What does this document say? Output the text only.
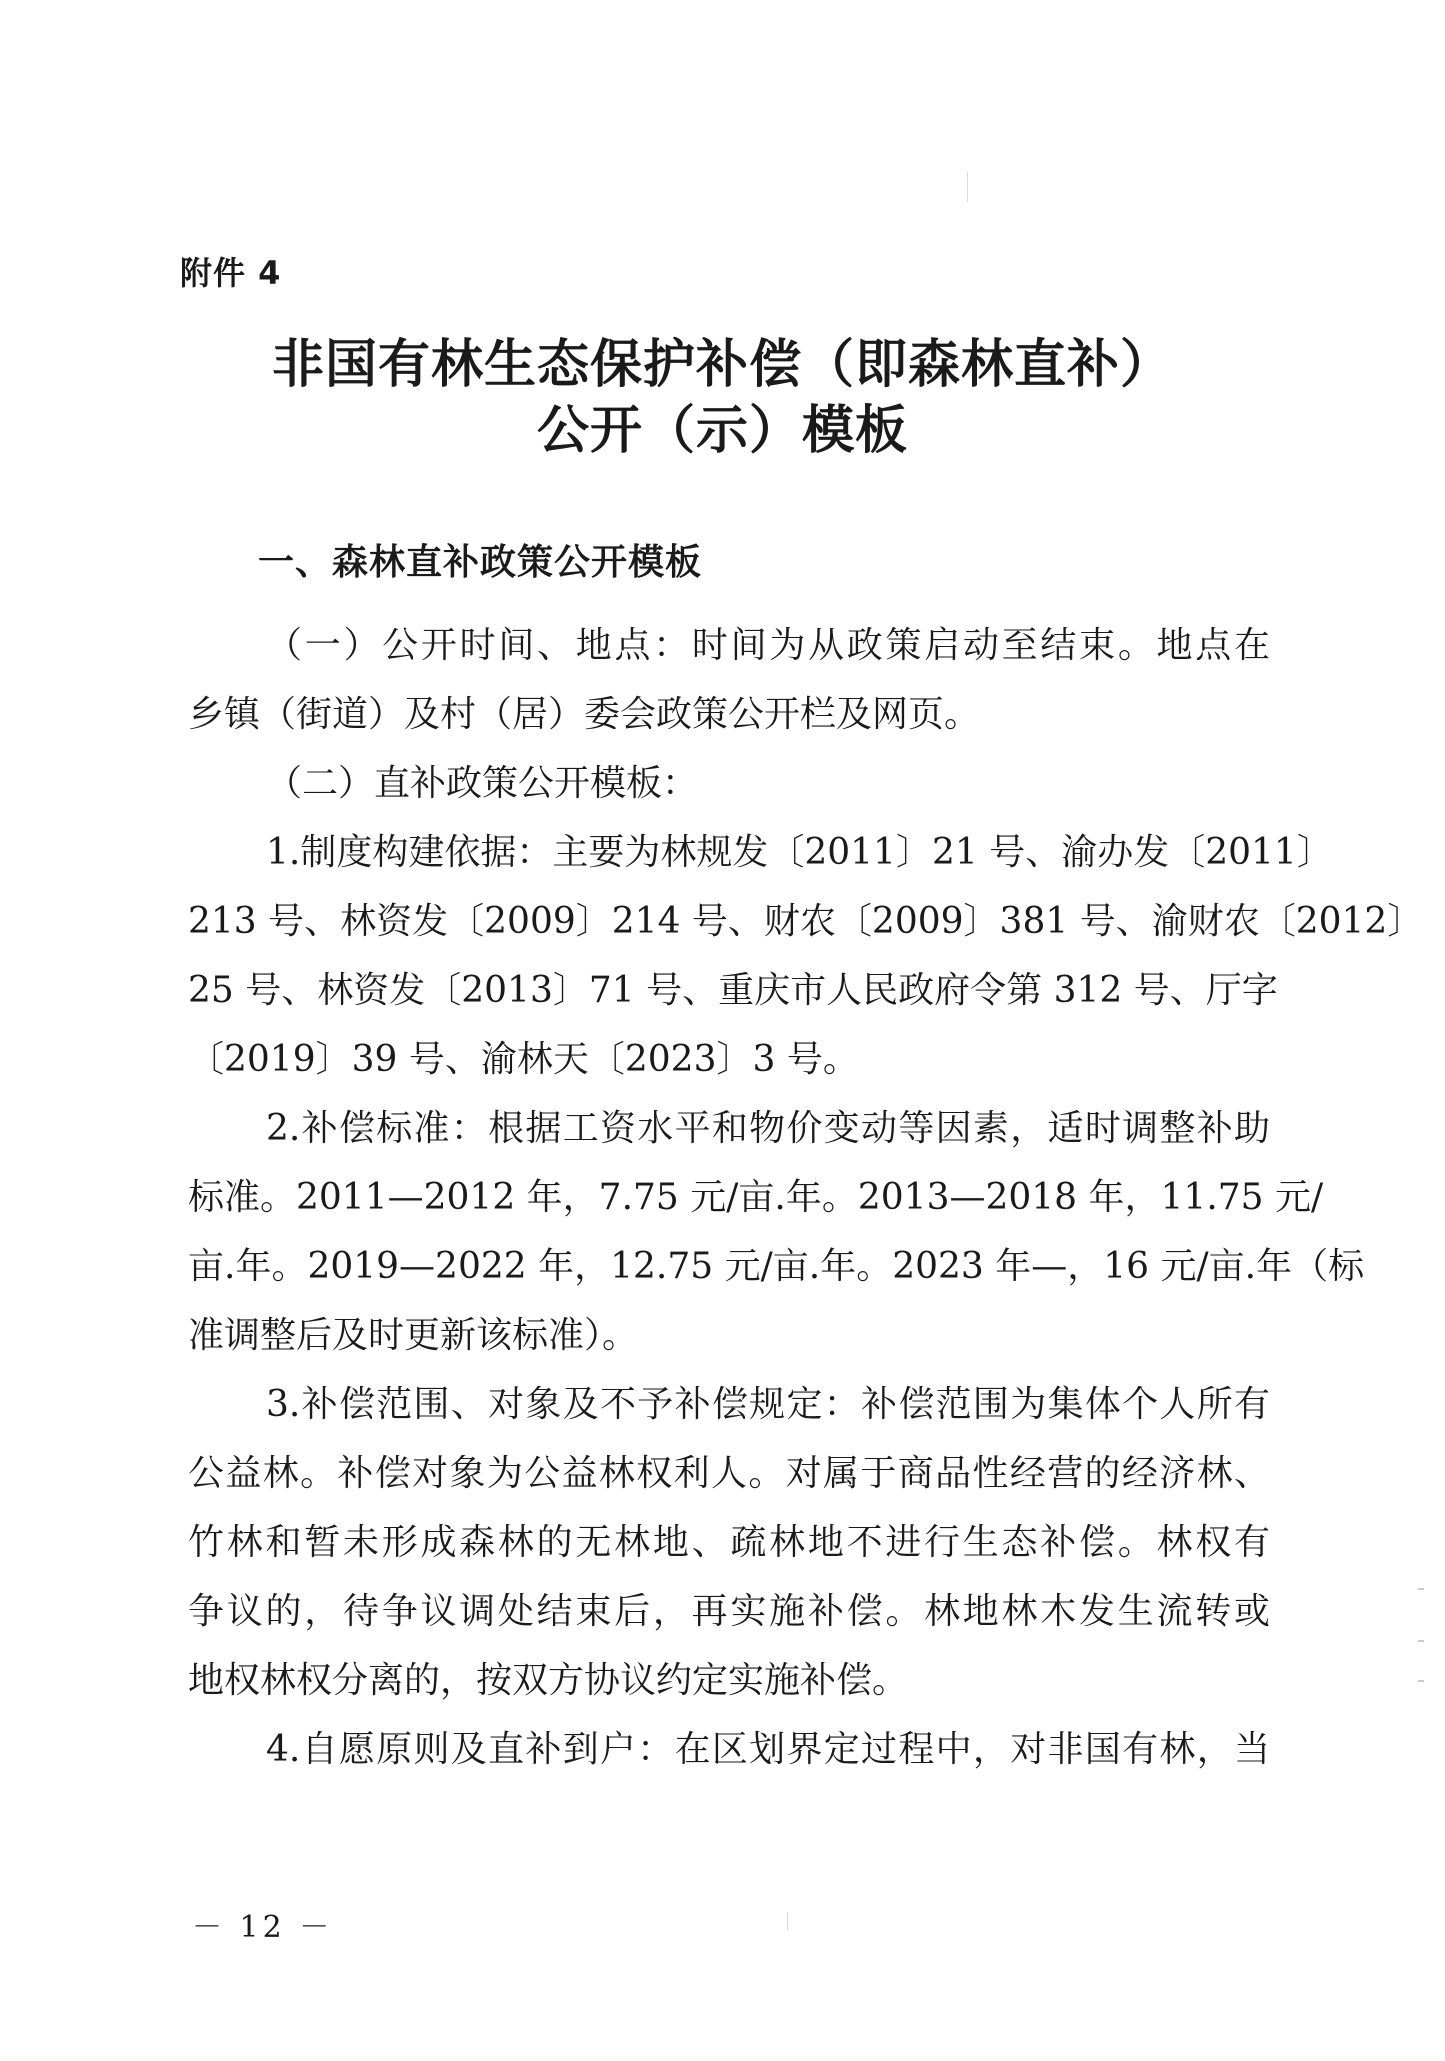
附件 4
非国有林生态保护补偿（即森林直补）
公开（示）模板
一、森林直补政策公开模板
（一）公开时间、地点：时间为从政策启动至结束。地点在
乡镇（街道）及村（居）委会政策公开栏及网页。
（二）直补政策公开模板：
1.制度构建依据：主要为林规发〔2011〕21 号、渝办发〔2011〕
213 号、林资发〔2009〕214 号、财农〔2009〕381 号、渝财农〔2012〕
25 号、林资发〔2013〕71 号、重庆市人民政府令第 312 号、厅字
〔2019〕39 号、渝林天〔2023〕3 号。
2.补偿标准：根据工资水平和物价变动等因素，适时调整补助
标准。2011—2012 年，7.75 元/亩.年。2013—2018 年，11.75 元/
亩.年。2019—2022 年，12.75 元/亩.年。2023 年—，16 元/亩.年（标
准调整后及时更新该标准）。
3.补偿范围、对象及不予补偿规定：补偿范围为集体个人所有
公益林。补偿对象为公益林权利人。对属于商品性经营的经济林、
竹林和暂未形成森林的无林地、疏林地不进行生态补偿。林权有
争议的，待争议调处结束后，再实施补偿。林地林木发生流转或
地权林权分离的，按双方协议约定实施补偿。
4.自愿原则及直补到户：在区划界定过程中，对非国有林，当
－ 12 －
